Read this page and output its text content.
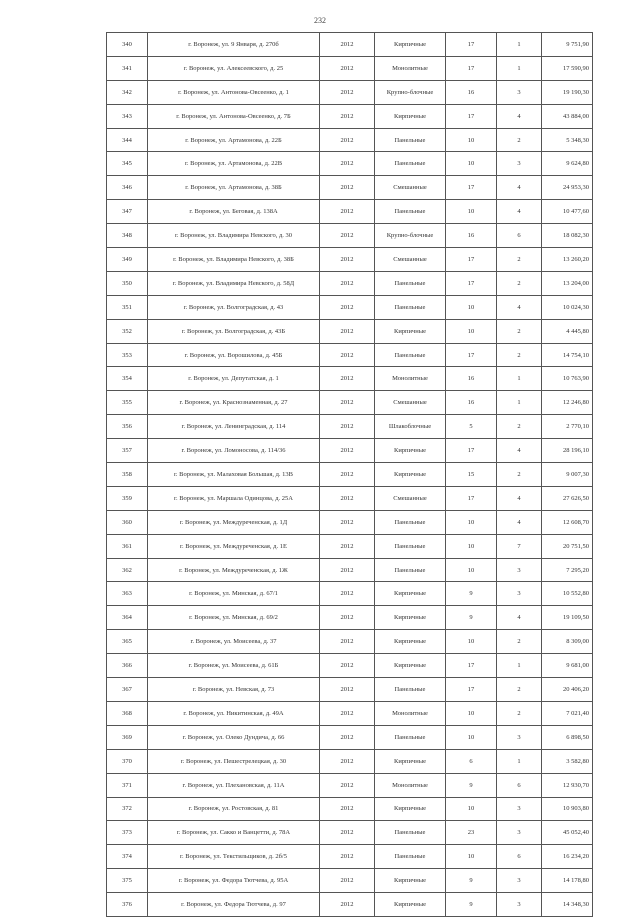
232
340	г. Воронеж, ул. 9 Января, д. 270б	2012	Кирпичные	17	1	9 751,90
341	г. Воронеж, ул. Алексеевского, д. 25	2012	Монолитные	17	1	17 590,90
342	г. Воронеж, ул. Антонова-Овсеенко, д. 1	2012	Крупно-блочные	16	3	19 190,30
343	г. Воронеж, ул. Антонова-Овсеенко, д. 7Б	2012	Кирпичные	17	4	43 884,00
344	г. Воронеж, ул. Артамонова, д. 22Б	2012	Панельные	10	2	5 348,30
345	г. Воронеж, ул. Артамонова, д. 22В	2012	Панельные	10	3	9 624,80
346	г. Воронеж, ул. Артамонова, д. 38Б	2012	Смешанные	17	4	24 953,30
347	г. Воронеж, ул. Беговая, д. 138А	2012	Панельные	10	4	10 477,60
348	г. Воронеж, ул. Владимира Невского, д. 30	2012	Крупно-блочные	16	6	18 082,30
349	г. Воронеж, ул. Владимира Невского, д. 38Б	2012	Смешанные	17	2	13 260,20
350	г. Воронеж, ул. Владимира Невского, д. 58Д	2012	Панельные	17	2	13 204,00
351	г. Воронеж, ул. Волгоградская, д. 43	2012	Панельные	10	4	10 024,30
352	г. Воронеж, ул. Волгоградская, д. 43Б	2012	Кирпичные	10	2	4 445,80
353	г. Воронеж, ул. Ворошилова, д. 45Б	2012	Панельные	17	2	14 754,10
354	г. Воронеж, ул. Депутатская, д. 1	2012	Монолитные	16	1	10 763,90
355	г. Воронеж, ул. Краснознаменная, д. 27	2012	Смешанные	16	1	12 246,80
356	г. Воронеж, ул. Ленинградская, д. 114	2012	Шлакоблочные	5	2	2 770,10
357	г. Воронеж, ул. Ломоносова, д. 114/36	2012	Кирпичные	17	4	28 196,10
358	г. Воронеж, ул. Малаховая Большая, д. 13В	2012	Кирпичные	15	2	9 007,30
359	г. Воронеж, ул. Маршала Одинцова, д. 25А	2012	Смешанные	17	4	27 626,50
360	г. Воронеж, ул. Междуреченская, д. 1Д	2012	Панельные	10	4	12 608,70
361	г. Воронеж, ул. Междуреченская, д. 1Е	2012	Панельные	10	7	20 751,50
362	г. Воронеж, ул. Междуреченская, д. 1Ж	2012	Панельные	10	3	7 295,20
363	г. Воронеж, ул. Минская, д. 67/1	2012	Кирпичные	9	3	10 552,80
364	г. Воронеж, ул. Минская, д. 69/2	2012	Кирпичные	9	4	19 109,50
365	г. Воронеж, ул. Моисеева, д. 37	2012	Кирпичные	10	2	8 309,00
366	г. Воронеж, ул. Моисеева, д. 61Б	2012	Кирпичные	17	1	9 681,00
367	г. Воронеж, ул. Невская, д. 73	2012	Панельные	17	2	20 406,20
368	г. Воронеж, ул. Никитинская, д. 49А	2012	Монолитные	10	2	7 021,40
369	г. Воронеж, ул. Олеко Дундича, д. 66	2012	Панельные	10	3	6 898,50
370	г. Воронеж, ул. Пешестрелецкая, д. 30	2012	Кирпичные	6	1	3 582,80
371	г. Воронеж, ул. Плехановская, д. 11А	2012	Монолитные	9	6	12 930,70
372	г. Воронеж, ул. Ростовская, д. 81	2012	Кирпичные	10	3	10 903,80
373	г. Воронеж, ул. Сакко и Ванцетти, д. 78А	2012	Панельные	23	3	45 052,40
374	г. Воронеж, ул. Текстильщиков, д. 2б/5	2012	Панельные	10	6	16 234,20
375	г. Воронеж, ул. Федора Тютчева, д. 95А	2012	Кирпичные	9	3	14 178,80
376	г. Воронеж, ул. Федора Тютчева, д. 97	2012	Кирпичные	9	3	14 348,30
